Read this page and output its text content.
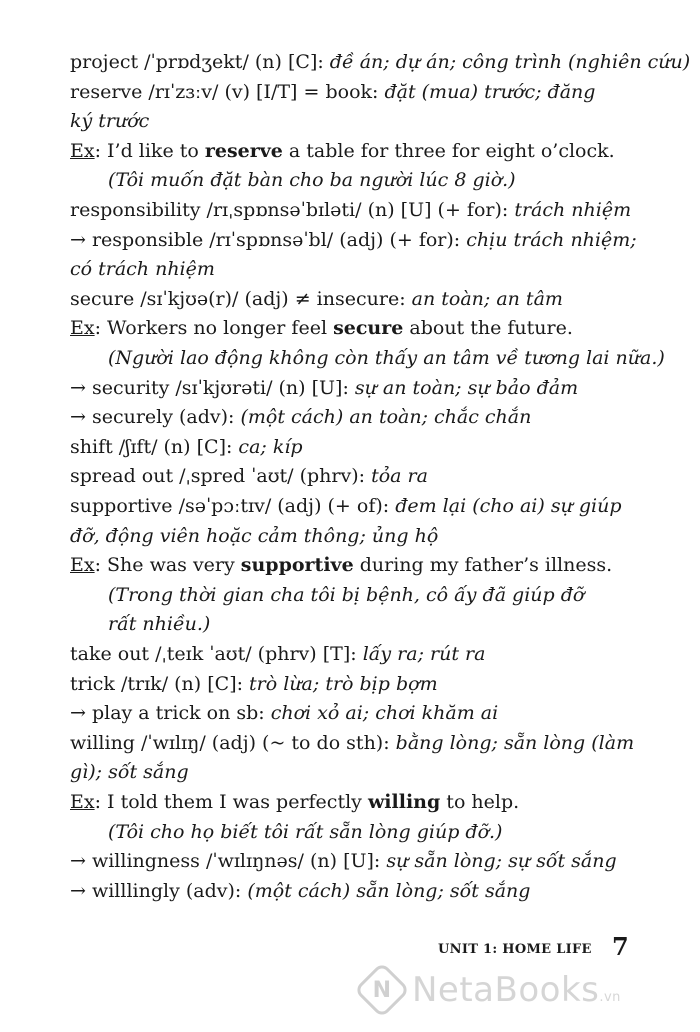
project /ˈprɒdʒekt/ (n) [C]: đề án; dự án; công trình (nghiên cứu)
reserve /rɪˈzɜːv/ (v) [I/T] = book: đặt (mua) trước; đăng
ký trước
Ex: I’d like to reserve a table for three for eight o’clock.
(Tôi muốn đặt bàn cho ba người lúc 8 giờ.)
responsibility /rɪˌspɒnsəˈbɪləti/ (n) [U] (+ for): trách nhiệm
→ responsible /rɪˈspɒnsəˈbl/ (adj) (+ for): chịu trách nhiệm;
có trách nhiệm
secure /sɪˈkjʊə(r)/ (adj) ≠ insecure: an toàn; an tâm
Ex: Workers no longer feel secure about the future.
(Người lao động không còn thấy an tâm về tương lai nữa.)
→ security /sɪˈkjʊrəti/ (n) [U]: sự an toàn; sự bảo đảm
→ securely (adv): (một cách) an toàn; chắc chắn
shift /ʃɪft/ (n) [C]: ca; kíp
spread out /ˌspred ˈaʊt/ (phrv): tỏa ra
supportive /səˈpɔːtɪv/ (adj) (+ of): đem lại (cho ai) sự giúp
đỡ, động viên hoặc cảm thông; ủng hộ
Ex: She was very supportive during my father’s illness.
(Trong thời gian cha tôi bị bệnh, cô ấy đã giúp đỡ
rất nhiều.)
take out /ˌteɪk ˈaʊt/ (phrv) [T]: lấy ra; rút ra
trick /trɪk/ (n) [C]: trò lừa; trò bịp bợm
→ play a trick on sb: chơi xỏ ai; chơi khăm ai
willing /ˈwɪlɪŋ/ (adj) (~ to do sth): bằng lòng; sẵn lòng (làm
gì); sốt sắng
Ex: I told them I was perfectly willing to help.
(Tôi cho họ biết tôi rất sẵn lòng giúp đỡ.)
→ willingness /ˈwɪlɪŋnəs/ (n) [U]: sự sẵn lòng; sự sốt sắng
→ willlingly (adv): (một cách) sẵn lòng; sốt sắng
UNIT 1: HOME LIFE 7
N NetaBooks.vn
